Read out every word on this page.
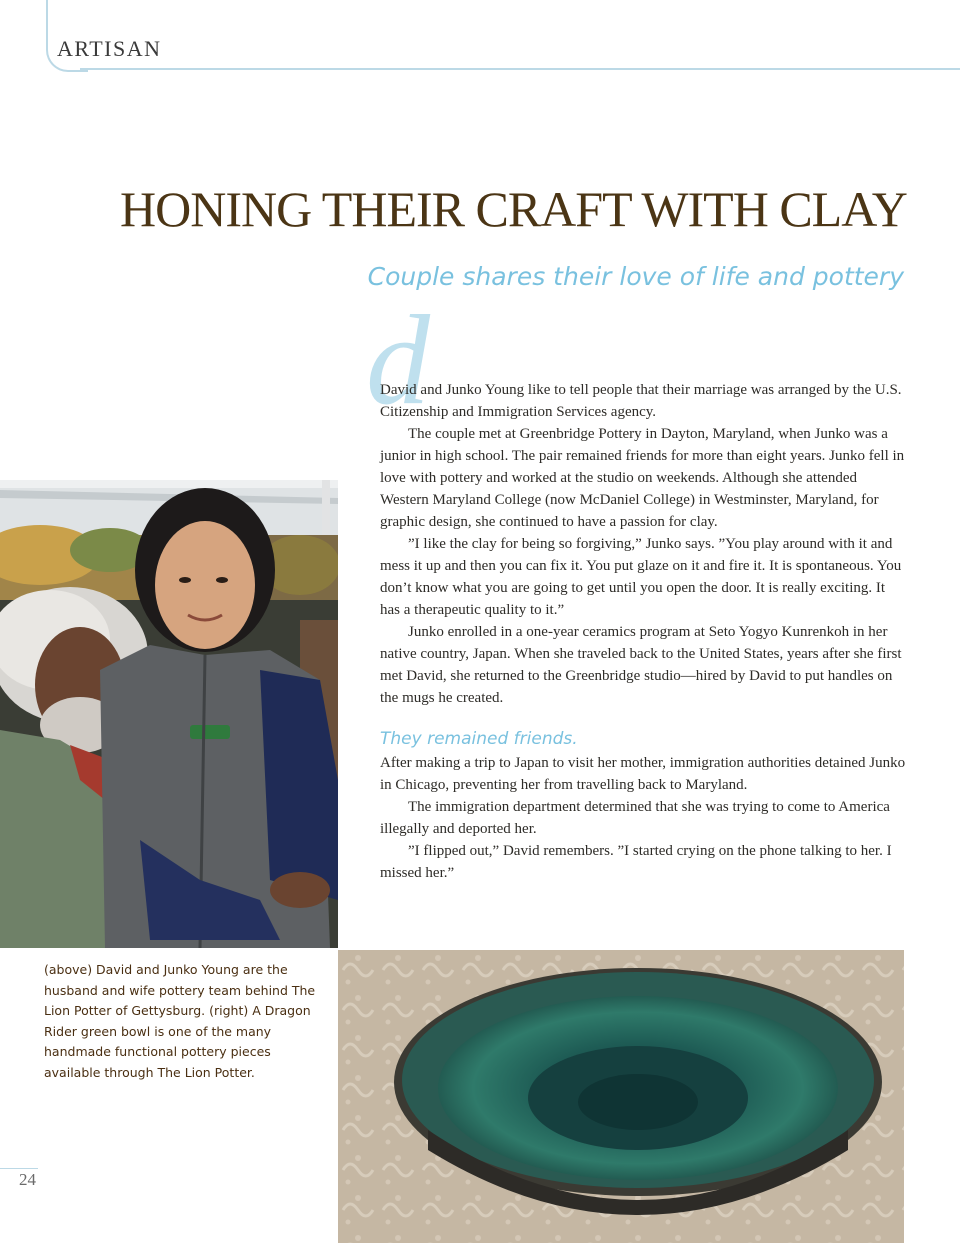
ARTISAN
HONING THEIR CRAFT WITH CLAY
Couple shares their love of life and pottery
d

David and Junko Young like to tell people that their marriage was arranged by the U.S. Citizenship and Immigration Services agency.

The couple met at Greenbridge Pottery in Dayton, Maryland, when Junko was a junior in high school. The pair remained friends for more than eight years. Junko fell in love with pottery and worked at the studio on weekends. Although she attended Western Maryland College (now McDaniel College) in Westminster, Maryland, for graphic design, she continued to have a passion for clay.

”I like the clay for being so forgiving,” Junko says. ”You play around with it and mess it up and then you can fix it. You put glaze on it and fire it. It is spontaneous. You don’t know what you are going to get until you open the door. It is really exciting. It has a therapeutic quality to it.”

Junko enrolled in a one-year ceramics program at Seto Yogyo Kunrenkoh in her native country, Japan. When she traveled back to the United States, years after she first met David, she returned to the Greenbridge studio—hired by David to put handles on the mugs he created.

They remained friends.

After making a trip to Japan to visit her mother, immigration authorities detained Junko in Chicago, preventing her from travelling back to Maryland.

The immigration department determined that she was trying to come to America illegally and deported her.

”I flipped out,” David remembers. ”I started crying on the phone talking to her. I missed her.”

(above) David and Junko Young are the husband and wife pottery team behind The Lion Potter of Gettysburg. (right) A Dragon Rider green bowl is one of the many handmade functional pottery pieces available through The Lion Potter.
24
